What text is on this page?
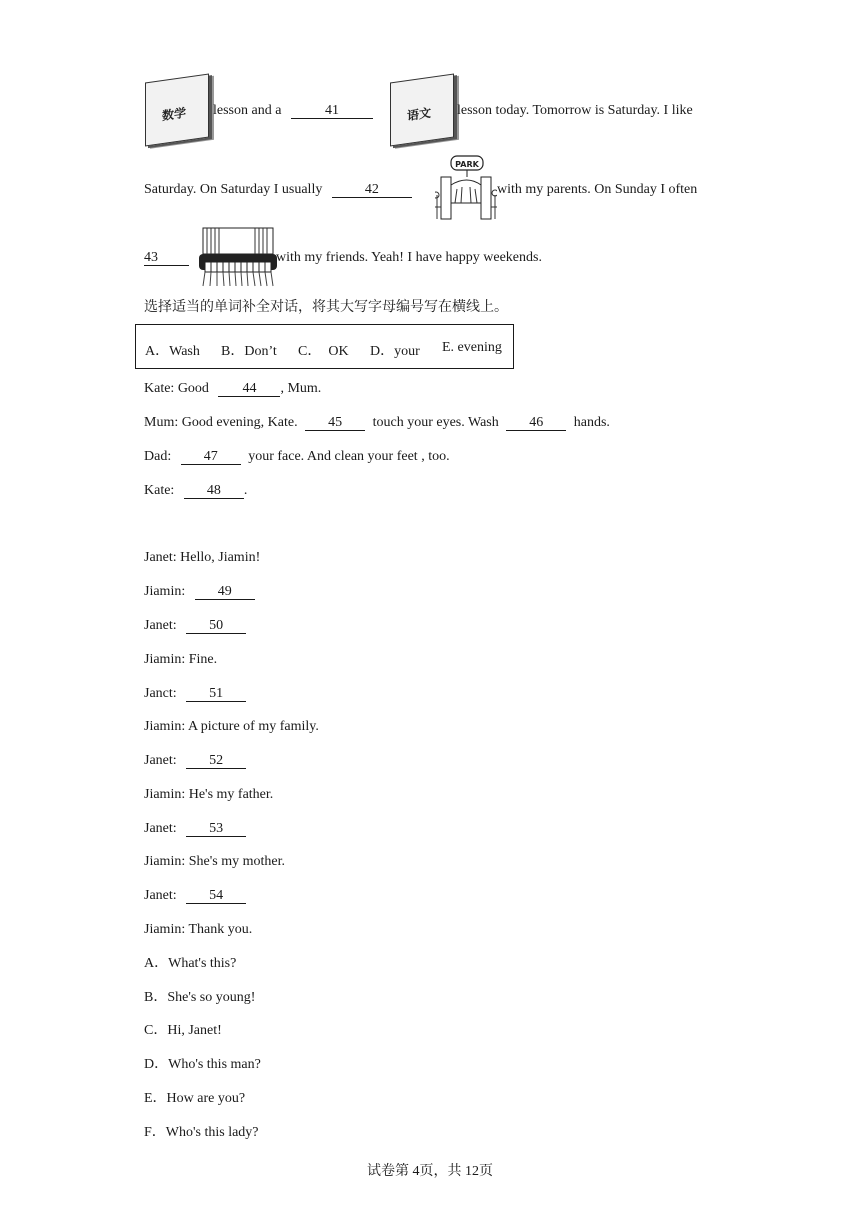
数学 lesson and a	41	语文 lesson today. Tomorrow is Saturday. I like
Saturday. On Saturday I usually	42
PARK
with my parents. On Sunday I often
43	with my friends. Yeah! I have happy weekends.
选择适当的单词补全对话，将其大写字母编号写在横线上。
A．Wash B．Don’t C．  OK D．your E. evening
Kate: Good 44 , Mum.
Mum: Good evening, Kate. 45 touch your eyes. Wash 46 hands.
Dad: 47 your face. And clean your feet , too.
Kate: 48 .
Janet: Hello, Jiamin!
Jiamin: 49
Janet: 50
Jiamin: Fine.
Janct: 51
Jiamin: A picture of my family.
Janet: 52
Jiamin: He's my father.
Janet: 53
Jiamin: She's my mother.
Janet: 54
Jiamin: Thank you.
A．What's this?
B．She's so young!
C．Hi, Janet!
D．Who's this man?
E．How are you?
F．Who's this lady?
试卷第 4页，共 12页
